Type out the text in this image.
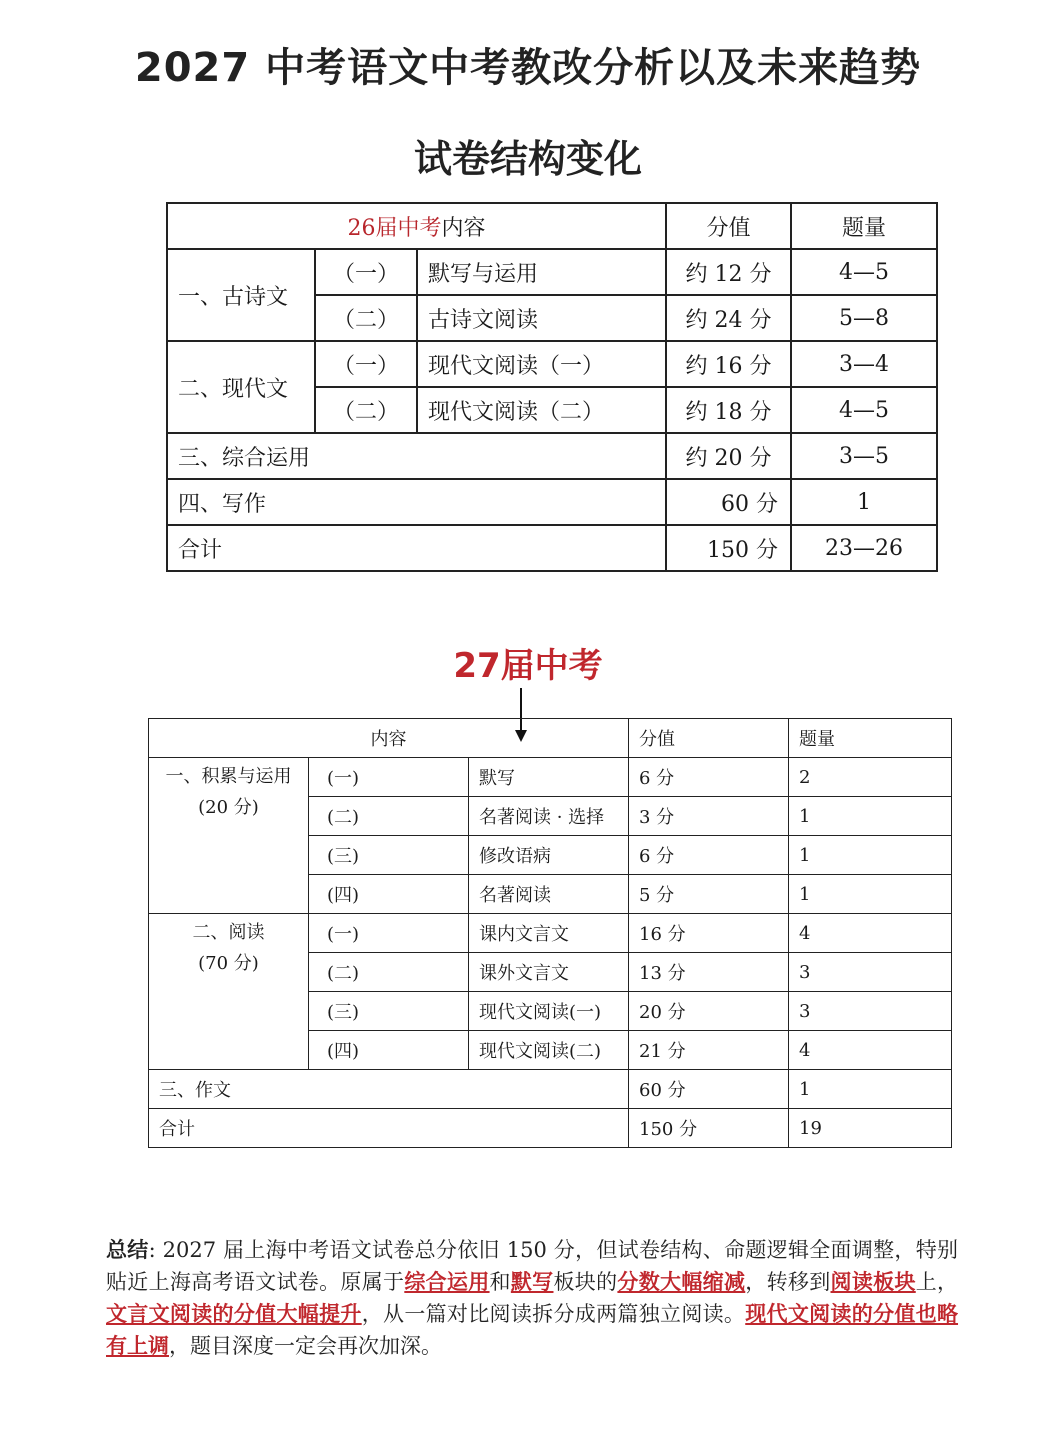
2027 中考语文中考教改分析以及未来趋势
试卷结构变化
26届中考内容			分值	题量
一、古诗文	（一）	默写与运用	约 12 分	4—5
	（二）	古诗文阅读	约 24 分	5—8
二、现代文	（一）	现代文阅读（一）	约 16 分	3—4
	（二）	现代文阅读（二）	约 18 分	4—5
三、综合运用			约 20 分	3—5
四、写作			60 分	1
合计			150 分	23—26
27届中考
内容			分值	题量

一、积累与运用
(20 分)	(一)	默写	6 分	2
	(二)	名著阅读 · 选择	3 分	1
	(三)	修改语病	6 分	1
	(四)	名著阅读	5 分	1

二、阅读
(70 分)	(一)	课内文言文	16 分	4
	(二)	课外文言文	13 分	3
	(三)	现代文阅读(一)	20 分	3
	(四)	现代文阅读(二)	21 分	4
三、作文			60 分	1
合计			150 分	19
总结: 2027 届上海中考语文试卷总分依旧 150 分，但试卷结构、命题逻辑全面调整，特别贴近上海高考语文试卷。原属于综合运用和默写板块的分数大幅缩减，转移到阅读板块上，文言文阅读的分值大幅提升，从一篇对比阅读拆分成两篇独立阅读。现代文阅读的分值也略有上调，题目深度一定会再次加深。
